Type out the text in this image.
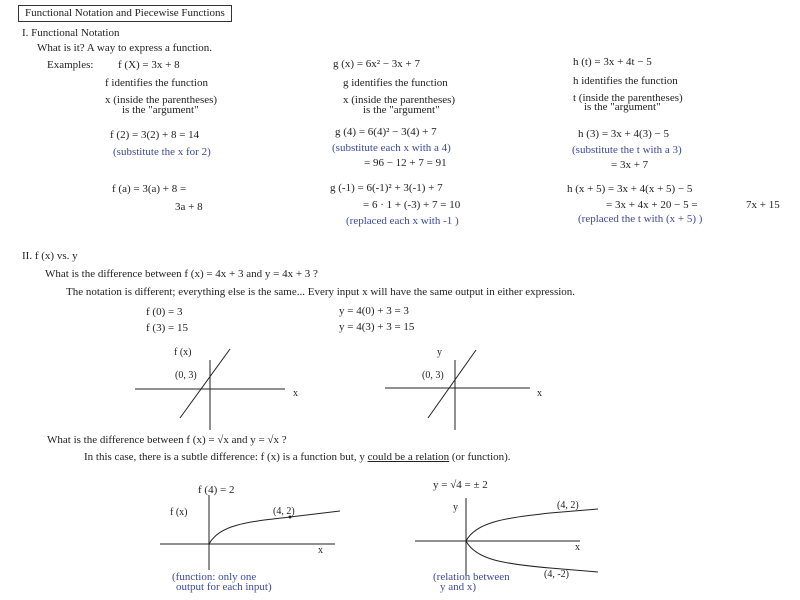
Functional Notation and Piecewise Functions
I. Functional Notation
What is it? A way to express a function.
Examples: f (X) = 3x + 8
f identifies the function
x (inside the parentheses)
is the "argument"
f (2) = 3(2) + 8 = 14
(substitute the x for 2)
f (a) = 3(a) + 8 =
3a + 8
g (x) = 6x² − 3x + 7
g identifies the function
x (inside the parentheses)
is the "argument"
g (4) = 6(4)² − 3(4) + 7
(substitute each x with a 4)
= 96 − 12 + 7 = 91
g (-1) = 6(-1)² + 3(-1) + 7
= 6 · 1 + (-3) + 7 = 10
(replaced each x with -1 )
h (t) = 3x + 4t − 5
h identifies the function
t (inside the parentheses)
is the "argument"
h (3) = 3x + 4(3) − 5
(substitute the t with a 3)
= 3x + 7
h (x + 5) = 3x + 4(x + 5) − 5
= 3x + 4x + 20 − 5 =	7x + 15
(replaced the t with (x + 5) )
II. f (x) vs. y
What is the difference between f (x) = 4x + 3 and y = 4x + 3 ?
The notation is different; everything else is the same... Every input x will have the same output in either expression.
f (0) = 3
f (3) = 15
y = 4(0) + 3 = 3
y = 4(3) + 3 = 15
f (x)
(0, 3)
x
y
(0, 3)
x
What is the difference between f (x) = √x and y = √x ?
In this case, there is a subtle difference: f (x) is a function but, y could be a relation (or function).
f (4) = 2
f (x)	(4, 2)
x
(function: only one
output for each input)
y = √4 = ± 2
y	(4, 2)
x
(4, -2)
(relation between
y and x)
